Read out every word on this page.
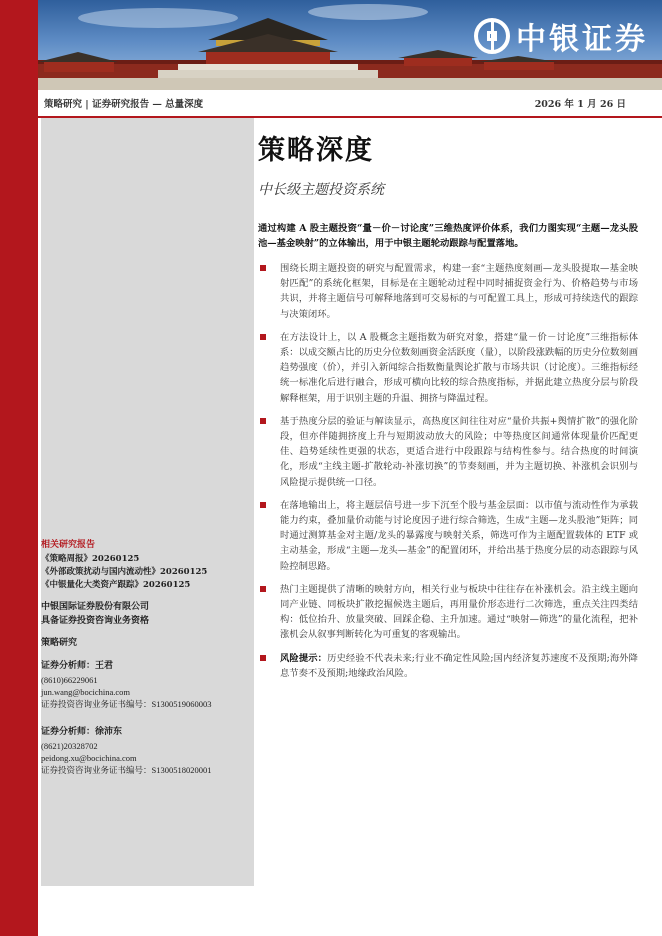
中银证券
策略研究 | 证券研究报告 — 总量深度	2026 年 1 月 26 日
相关研究报告
《策略周报》20260125
《外部政策扰动与国内流动性》20260125
《中银量化大类资产跟踪》20260125
中银国际证券股份有限公司
具备证券投资咨询业务资格
策略研究
证券分析师：王君
(8610)66229061
jun.wang@bocichina.com
证券投资咨询业务证书编号：S1300519060003
证券分析师：徐沛东
(8621)20328702
peidong.xu@bocichina.com
证券投资咨询业务证书编号：S1300518020001
策略深度
中长级主题投资系统
通过构建 A 股主题投资“量－价－讨论度”三维热度评价体系，我们力图实现“主题—龙头股池—基金映射”的立体输出，用于中银主题轮动跟踪与配置落地。
围绕长期主题投资的研究与配置需求，构建一套“主题热度刻画—龙头股提取—基金映射匹配”的系统化框架，目标是在主题轮动过程中同时捕捉资金行为、价格趋势与市场共识，并将主题信号可解释地落到可交易标的与可配置工具上，形成可持续迭代的跟踪与决策闭环。
在方法设计上，以 A 股概念主题指数为研究对象，搭建“量－价－讨论度”三维指标体系：以成交额占比的历史分位数刻画资金活跃度（量），以阶段涨跌幅的历史分位数刻画趋势强度（价），并引入新闻综合指数衡量舆论扩散与市场共识（讨论度）。三维指标经统一标准化后进行融合，形成可横向比较的综合热度指标，并据此建立热度分层与阶段解释框架，用于识别主题的升温、拥挤与降温过程。
基于热度分层的验证与解读显示，高热度区间往往对应“量价共振+舆情扩散”的强化阶段，但亦伴随拥挤度上升与短期波动放大的风险；中等热度区间通常体现量价匹配更佳、趋势延续性更强的状态，更适合进行中段跟踪与结构性参与。结合热度的时间演化，形成“主线主题-扩散轮动-补涨切换”的节奏刻画，并为主题切换、补涨机会识别与风险提示提供统一口径。
在落地输出上，将主题层信号进一步下沉至个股与基金层面：以市值与流动性作为承载能力约束，叠加量价动能与讨论度因子进行综合筛选，生成“主题—龙头股池”矩阵；同时通过测算基金对主题/龙头的暴露度与映射关系，筛选可作为主题配置载体的 ETF 或主动基金，形成“主题—龙头—基金”的配置闭环，并给出基于热度分层的动态跟踪与风险控制思路。
热门主题提供了清晰的映射方向，相关行业与板块中往往存在补涨机会。沿主线主题向同产业链、同板块扩散挖掘候选主题后，再用量价形态进行二次筛选，重点关注四类结构：低位抬升、放量突破、回踩企稳、主升加速。通过“映射—筛选”的量化流程，把补涨机会从叙事判断转化为可重复的客观输出。
风险提示：历史经验不代表未来;行业不确定性风险;国内经济复苏速度不及预期;海外降息节奏不及预期;地缘政治风险。
